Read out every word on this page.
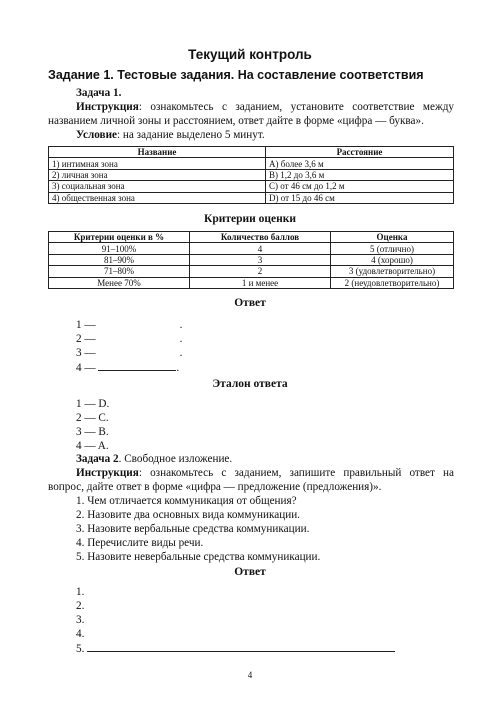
Текущий контроль
Задание 1. Тестовые задания. На составление соответствия
Задача 1.
Инструкция: ознакомьтесь с заданием, установите соответствие между названием личной зоны и расстоянием, ответ дайте в форме «цифра — буква».
Условие: на задание выделено 5 минут.
Название	Расстояние
1) интимная зона	A) более 3,6 м
2) личная зона	B) 1,2 до 3,6 м
3) социальная зона	C) от 46 см до 1,2 м
4) общественная зона	D) от 15 до 46 см
Критерии оценки
Критерии оценки в %	Количество баллов	Оценка
91–100%	4	5 (отлично)
81–90%	3	4 (хорошо)
71–80%	2	3 (удовлетворительно)
Менее 70%	1 и менее	2 (неудовлетворительно)
Ответ
1 —	.
2 —	.
3 —	.
4 —	.
Эталон ответа
1 — D.
2 — C.
3 — B.
4 — A.
Задача 2. Свободное изложение.
Инструкция: ознакомьтесь с заданием, запишите правильный ответ на вопрос, дайте ответ в форме «цифра — предложение (предложения)».
1. Чем отличается коммуникация от общения?
2. Назовите два основных вида коммуникации.
3. Назовите вербальные средства коммуникации.
4. Перечислите виды речи.
5. Назовите невербальные средства коммуникации.
Ответ
1.
2.
3.
4.
5.
4
